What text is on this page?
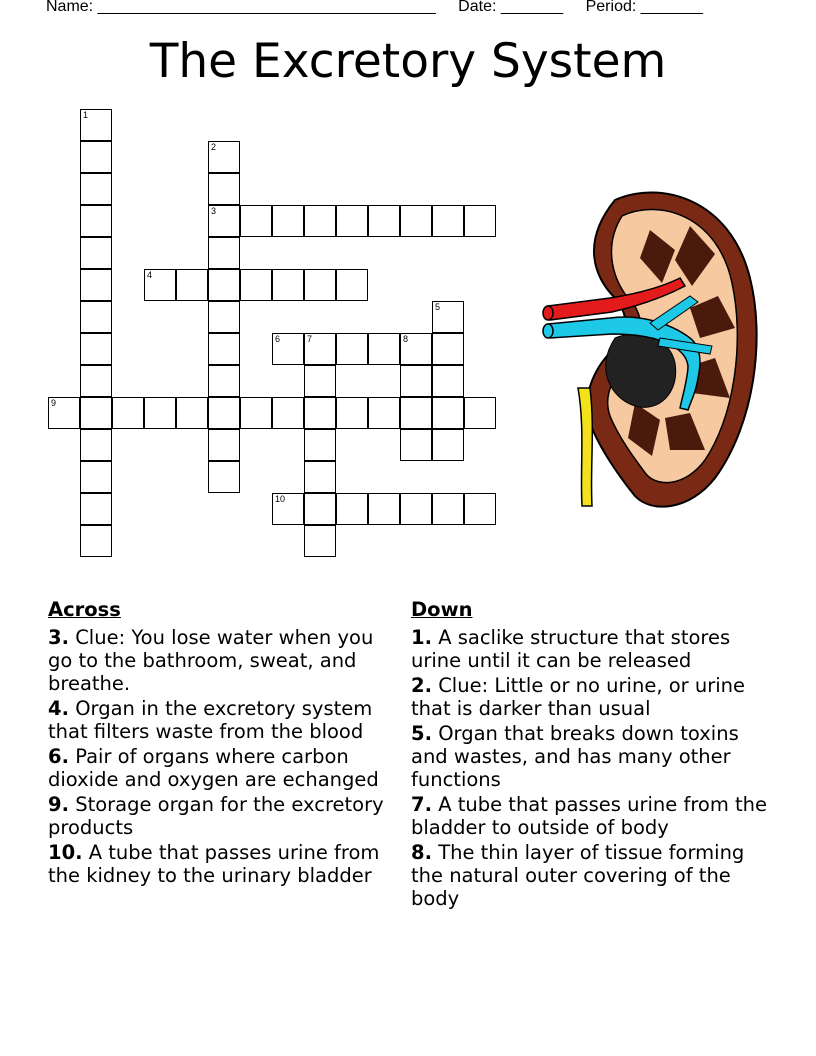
Name: ______________________________________ Date: _______ Period: _______
The Excretory System
1
2
3
4
5
6	7	8
9
10
Across
3. Clue: You lose water when you go to the bathroom, sweat, and breathe.
4. Organ in the excretory system that filters waste from the blood
6. Pair of organs where carbon dioxide and oxygen are echanged
9. Storage organ for the excretory products
10. A tube that passes urine from the kidney to the urinary bladder
Down
1. A saclike structure that stores urine until it can be released
2. Clue: Little or no urine, or urine that is darker than usual
5. Organ that breaks down toxins and wastes, and has many other functions
7. A tube that passes urine from the bladder to outside of body
8. The thin layer of tissue forming the natural outer covering of the body
